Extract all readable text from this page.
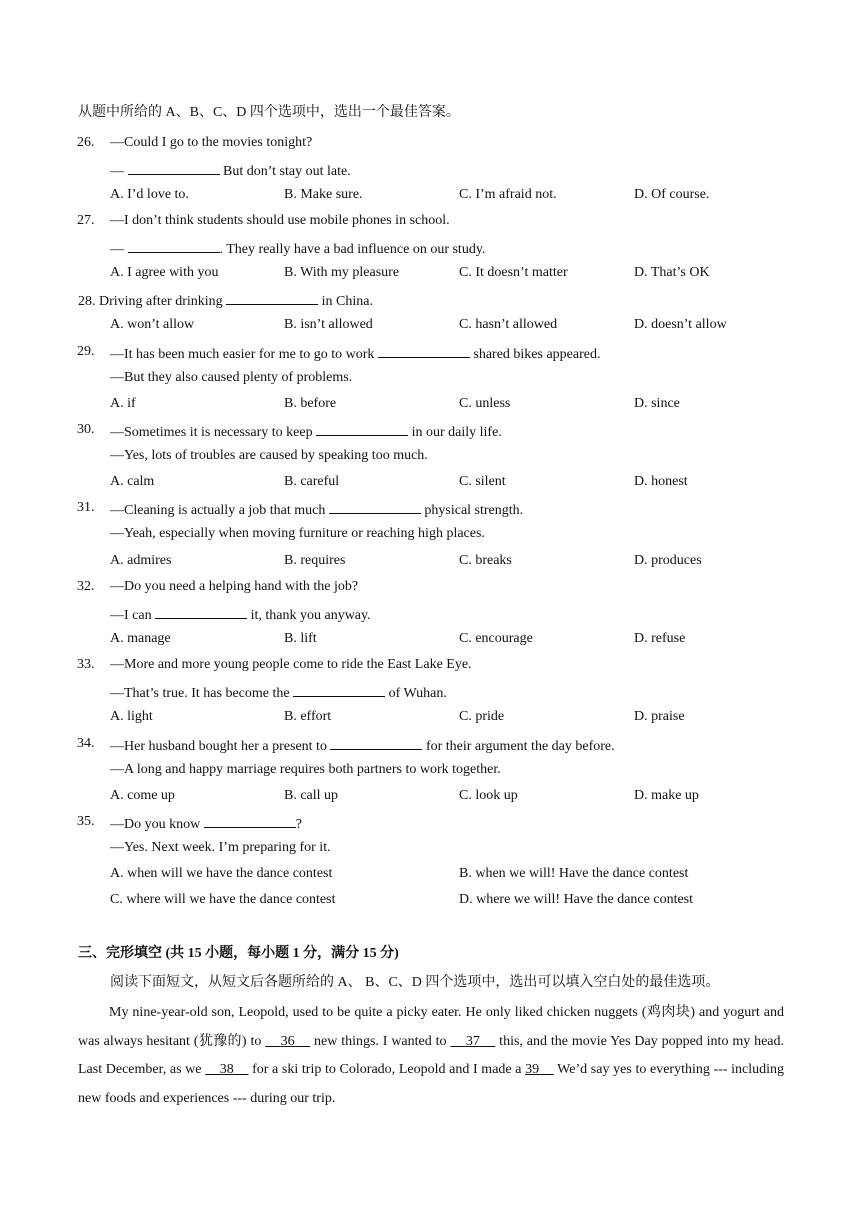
从题中所给的 A、B、C、D 四个选项中，选出一个最佳答案。
26. —Could I go to the movies tonight?
—	But don’t stay out late.
A. I’d love to.	B. Make sure.	C. I’m afraid not.	D. Of course.
27. —I don’t think students should use mobile phones in school.
—	. They really have a bad influence on our study.
A. I agree with you	B. With my pleasure	C. It doesn’t matter	D. That’s OK
28. Driving after drinking	in China.
A. won’t allow	B. isn’t allowed	C. hasn’t allowed	D. doesn’t allow
29. —It has been much easier for me to go to work	shared bikes appeared.
—But they also caused plenty of problems.
A. if	B. before	C. unless	D. since
30. —Sometimes it is necessary to keep	in our daily life.
—Yes, lots of troubles are caused by speaking too much.
A. calm	B. careful	C. silent	D. honest
31. —Cleaning is actually a job that much	physical strength.
—Yeah, especially when moving furniture or reaching high places.
A. admires	B. requires	C. breaks	D. produces
32. —Do you need a helping hand with the job?
—I can	it, thank you anyway.
A. manage	B. lift	C. encourage	D. refuse
33. —More and more young people come to ride the East Lake Eye.
—That’s true. It has become the	of Wuhan.
A. light	B. effort	C. pride	D. praise
34. —Her husband bought her a present to	for their argument the day before.
—A long and happy marriage requires both partners to work together.
A. come up	B. call up	C. look up	D. make up
35. —Do you know	?
—Yes. Next week. I’m preparing for it.
A. when will we have the dance contest	B. when we will! Have the dance contest
C. where will we have the dance contest	D. where we will! Have the dance contest
三、完形填空 (共 15 小题，每小题 1 分，满分 15 分)
阅读下面短文，从短文后各题所给的 A、 B、C、D 四个选项中，选出可以填入空白处的最佳选项。
My nine-year-old son, Leopold, used to be quite a picky eater. He only liked chicken nuggets (鸡肉块) and yogurt and was always hesitant (犹豫的) to     36     new things. I wanted to     37     this, and the movie Yes Day popped into my head. Last December, as we     38     for a ski trip to Colorado, Leopold and I made a 39     We’d say yes to everything --- including new foods and experiences --- during our trip.
